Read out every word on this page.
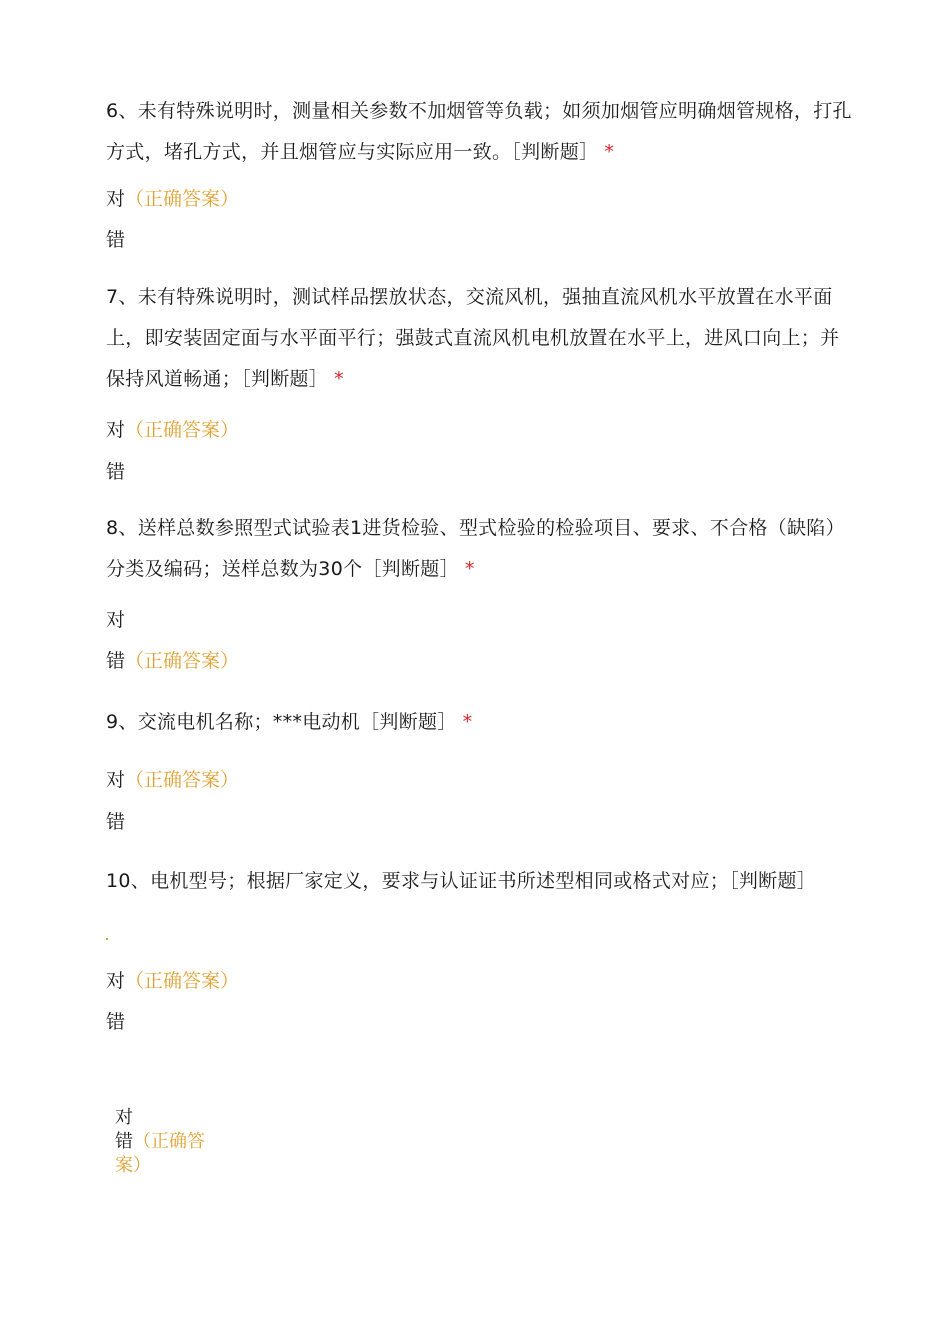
6、未有特殊说明时，测量相关参数不加烟管等负载；如须加烟管应明确烟管规格，打孔方式，堵孔方式，并且烟管应与实际应用一致。［判断题］ *
对（正确答案）
错
7、未有特殊说明时，测试样品摆放状态，交流风机，强抽直流风机水平放置在水平面上，即安装固定面与水平面平行；强鼓式直流风机电机放置在水平上，进风口向上；并保持风道畅通；［判断题］ *
对（正确答案）
错
8、送样总数参照型式试验表1进货检验、型式检验的检验项目、要求、不合格（缺陷）分类及编码；送样总数为30个［判断题］ *
对
错（正确答案）
9、交流电机名称；***电动机［判断题］ *
对（正确答案）
错
10、电机型号；根据厂家定义，要求与认证证书所述型相同或格式对应；［判断题］
对（正确答案）
错
对
错（正确答
案）
